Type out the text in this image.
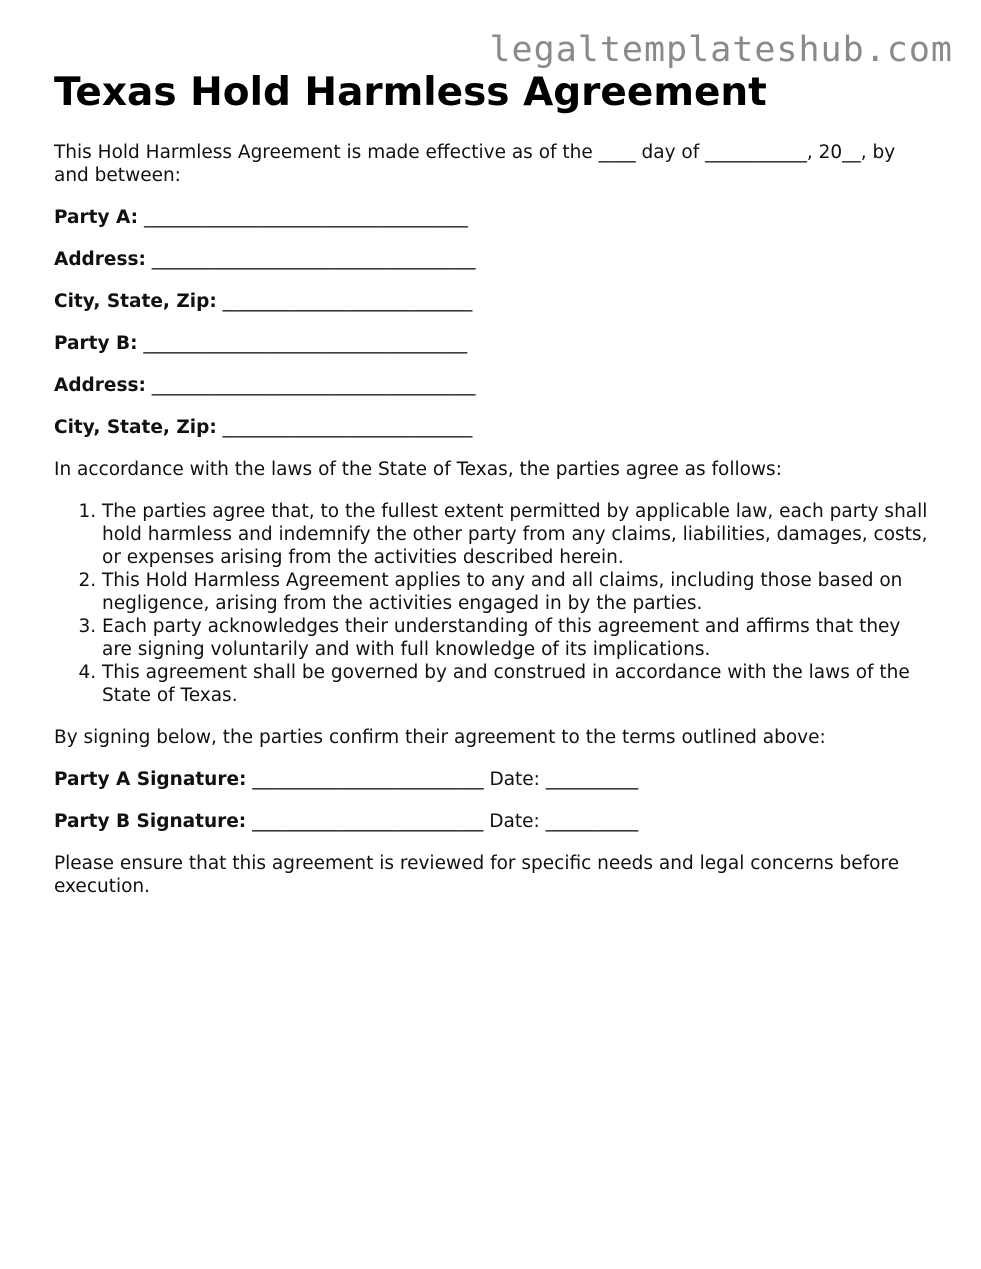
legaltemplateshub.com
Texas Hold Harmless Agreement

This Hold Harmless Agreement is made effective as of the ____ day of ___________, 20__, by and between:

Party A: ___________________________________

Address: ___________________________________

City, State, Zip: ___________________________

Party B: ___________________________________

Address: ___________________________________

City, State, Zip: ___________________________

In accordance with the laws of the State of Texas, the parties agree as follows:

1. The parties agree that, to the fullest extent permitted by applicable law, each party shall hold harmless and indemnify the other party from any claims, liabilities, damages, costs, or expenses arising from the activities described herein.
2. This Hold Harmless Agreement applies to any and all claims, including those based on negligence, arising from the activities engaged in by the parties.
3. Each party acknowledges their understanding of this agreement and affirms that they are signing voluntarily and with full knowledge of its implications.
4. This agreement shall be governed by and construed in accordance with the laws of the State of Texas.

By signing below, the parties confirm their agreement to the terms outlined above:

Party A Signature: _________________________ Date: __________

Party B Signature: _________________________ Date: __________

Please ensure that this agreement is reviewed for specific needs and legal concerns before execution.
